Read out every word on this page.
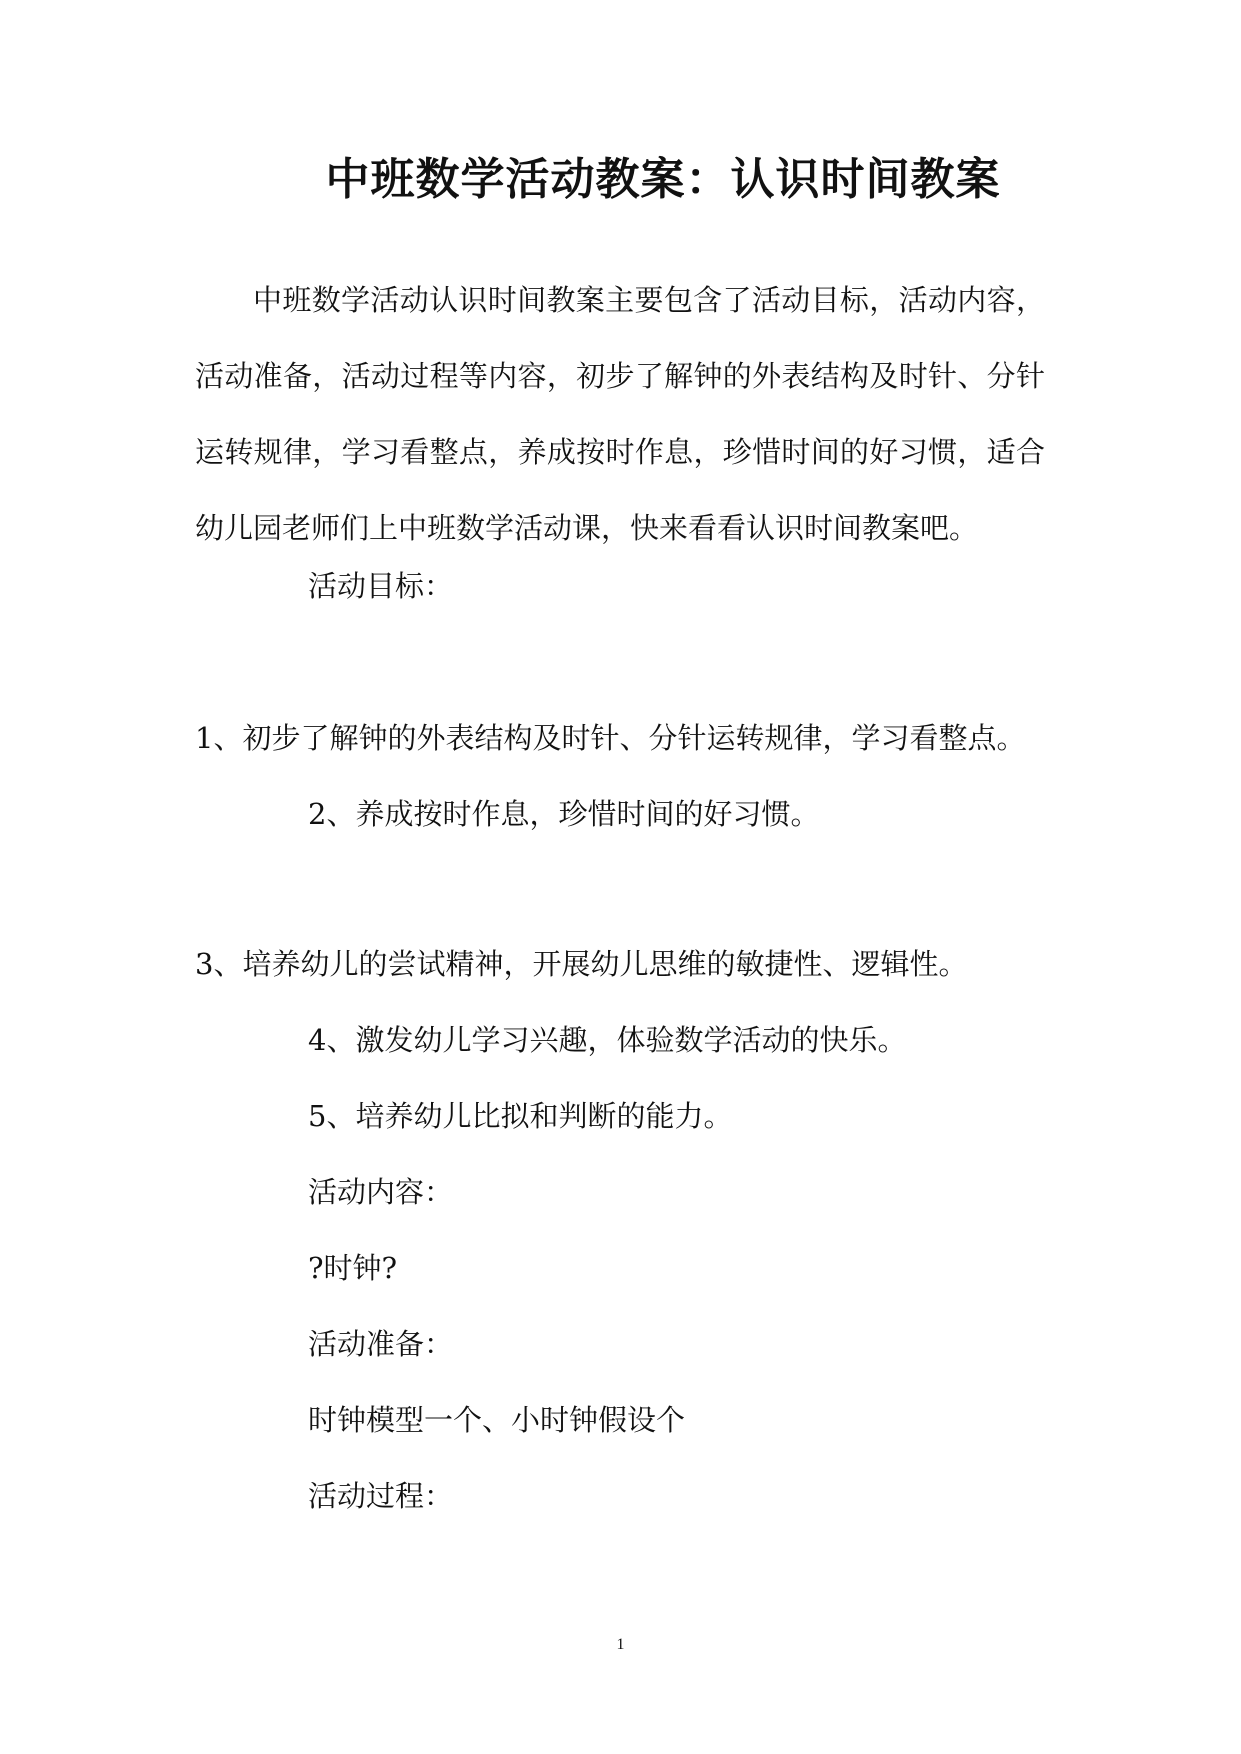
中班数学活动教案：认识时间教案
中班数学活动认识时间教案主要包含了活动目标，活动内容，活动准备，活动过程等内容，初步了解钟的外表结构及时针、分针运转规律，学习看整点，养成按时作息，珍惜时间的好习惯，适合幼儿园老师们上中班数学活动课，快来看看认识时间教案吧。
活动目标：
1、初步了解钟的外表结构及时针、分针运转规律，学习看整点。
2、养成按时作息，珍惜时间的好习惯。
3、培养幼儿的尝试精神，开展幼儿思维的敏捷性、逻辑性。
4、激发幼儿学习兴趣，体验数学活动的快乐。
5、培养幼儿比拟和判断的能力。
活动内容：
?时钟?
活动准备：
时钟模型一个、小时钟假设个
活动过程：
1
